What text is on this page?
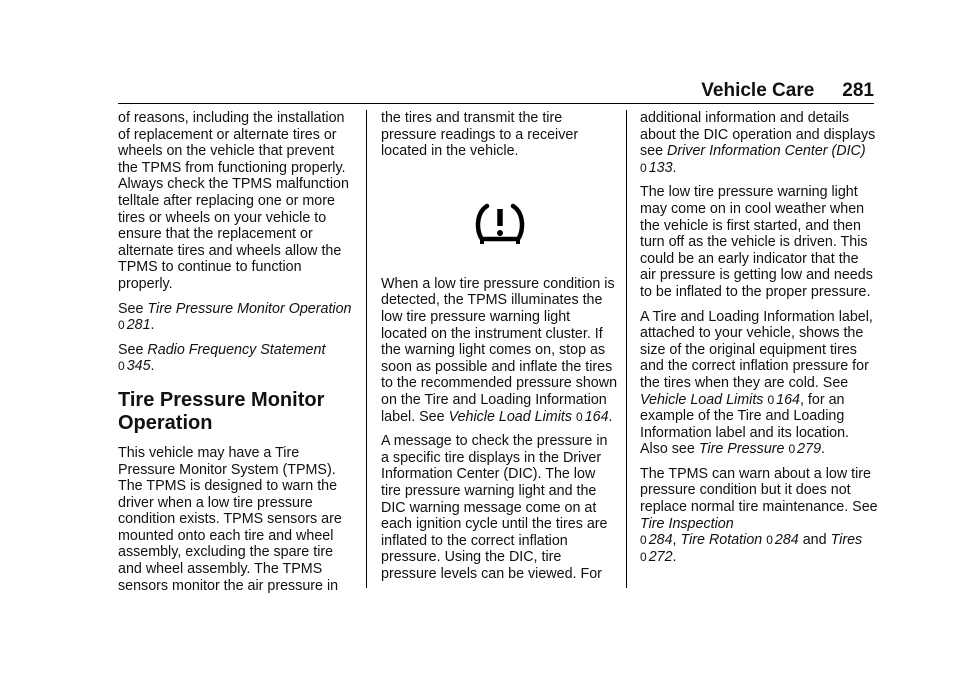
Vehicle Care 281

of reasons, including the installation of replacement or alternate tires or wheels on the vehicle that prevent the TPMS from functioning properly. Always check the TPMS malfunction telltale after replacing one or more tires or wheels on your vehicle to ensure that the replacement or alternate tires and wheels allow the TPMS to continue to function properly.

See Tire Pressure Monitor Operation 0 281.

See Radio Frequency Statement
0 345.

Tire Pressure Monitor Operation

This vehicle may have a Tire Pressure Monitor System (TPMS). The TPMS is designed to warn the driver when a low tire pressure condition exists. TPMS sensors are mounted onto each tire and wheel assembly, excluding the spare tire and wheel assembly. The TPMS sensors monitor the air pressure in

the tires and transmit the tire pressure readings to a receiver located in the vehicle.

When a low tire pressure condition is detected, the TPMS illuminates the low tire pressure warning light located on the instrument cluster. If the warning light comes on, stop as soon as possible and inflate the tires to the recommended pressure shown on the Tire and Loading Information label. See Vehicle Load Limits 0 164.

A message to check the pressure in a specific tire displays in the Driver Information Center (DIC). The low tire pressure warning light and the DIC warning message come on at each ignition cycle until the tires are inflated to the correct inflation pressure. Using the DIC, tire pressure levels can be viewed. For

additional information and details about the DIC operation and displays see Driver Information Center (DIC) 0 133.

The low tire pressure warning light may come on in cool weather when the vehicle is first started, and then turn off as the vehicle is driven. This could be an early indicator that the air pressure is getting low and needs to be inflated to the proper pressure.

A Tire and Loading Information label, attached to your vehicle, shows the size of the original equipment tires and the correct inflation pressure for the tires when they are cold. See Vehicle Load Limits 0 164, for an example of the Tire and Loading Information label and its location. Also see Tire Pressure 0 279.

The TPMS can warn about a low tire pressure condition but it does not replace normal tire maintenance. See Tire Inspection
0 284, Tire Rotation 0 284 and Tires
0 272.
